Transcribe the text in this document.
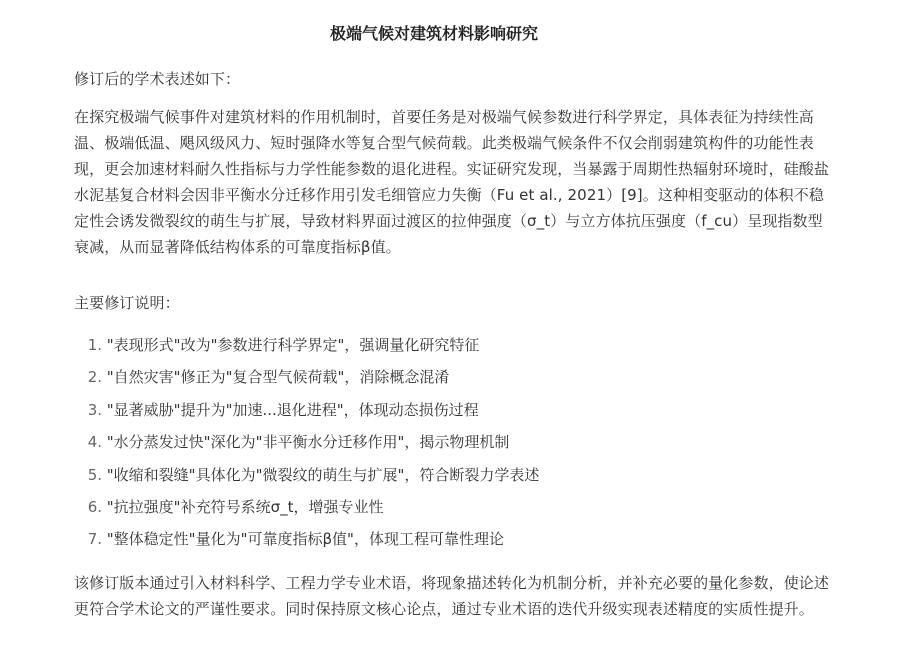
极端气候对建筑材料影响研究

修订后的学术表述如下：

在探究极端气候事件对建筑材料的作用机制时，首要任务是对极端气候参数进行科学界定，具体表征为持续性高温、极端低温、飓风级风力、短时强降水等复合型气候荷载。此类极端气候条件不仅会削弱建筑构件的功能性表现，更会加速材料耐久性指标与力学性能参数的退化进程。实证研究发现，当暴露于周期性热辐射环境时，硅酸盐水泥基复合材料会因非平衡水分迁移作用引发毛细管应力失衡（Fu et al., 2021）[9]。这种相变驱动的体积不稳定性会诱发微裂纹的萌生与扩展，导致材料界面过渡区的拉伸强度（σ_t）与立方体抗压强度（f_cu）呈现指数型衰减，从而显著降低结构体系的可靠度指标β值。

主要修订说明：

1. "表现形式"改为"参数进行科学界定"，强调量化研究特征
2. "自然灾害"修正为"复合型气候荷载"，消除概念混淆
3. "显著威胁"提升为"加速...退化进程"，体现动态损伤过程
4. "水分蒸发过快"深化为"非平衡水分迁移作用"，揭示物理机制
5. "收缩和裂缝"具体化为"微裂纹的萌生与扩展"，符合断裂力学表述
6. "抗拉强度"补充符号系统σ_t，增强专业性
7. "整体稳定性"量化为"可靠度指标β值"，体现工程可靠性理论

该修订版本通过引入材料科学、工程力学专业术语，将现象描述转化为机制分析，并补充必要的量化参数，使论述更符合学术论文的严谨性要求。同时保持原文核心论点，通过专业术语的迭代升级实现表述精度的实质性提升。
